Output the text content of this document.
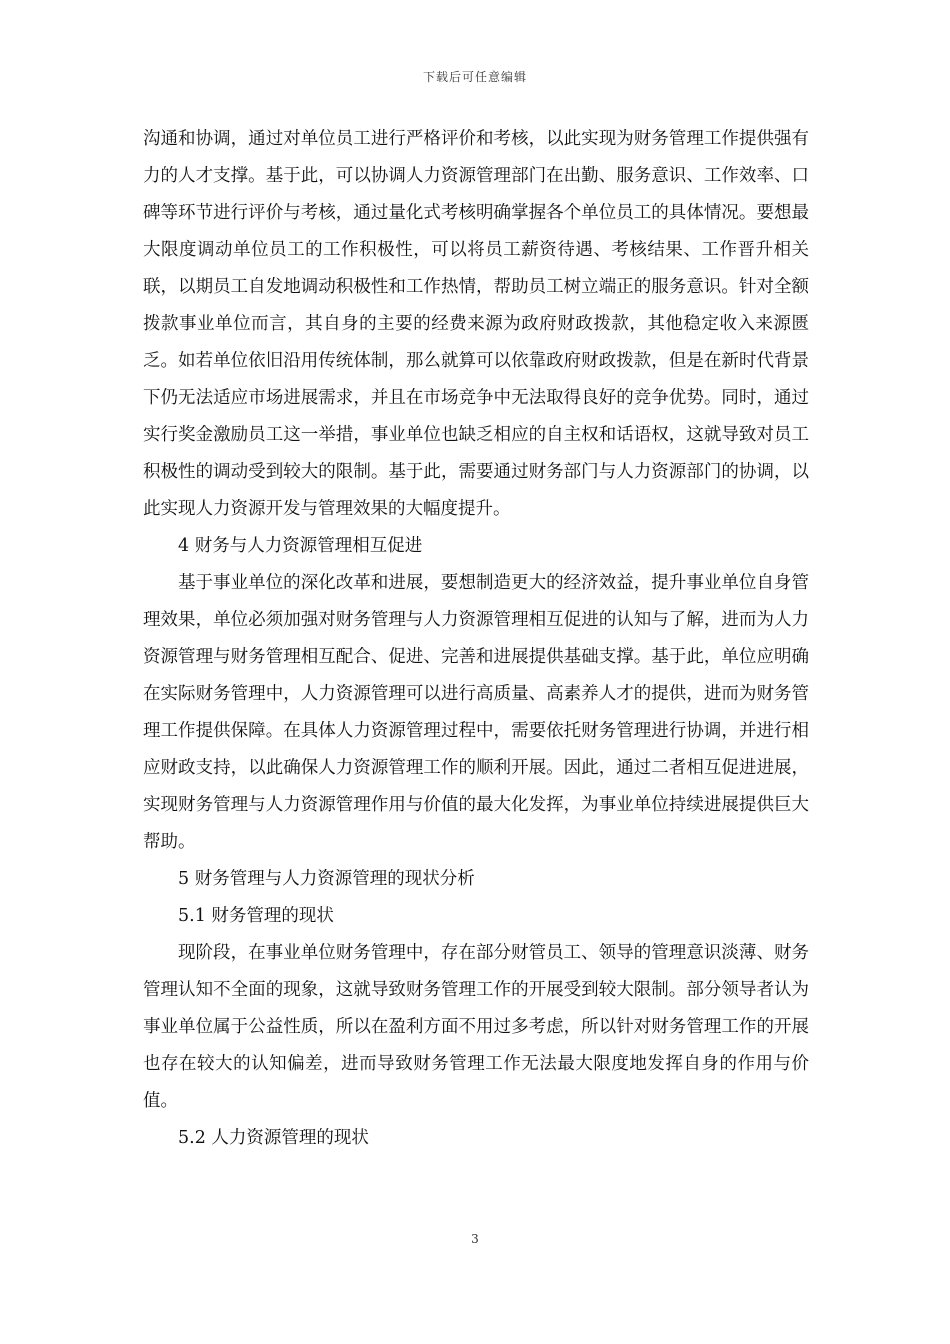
下载后可任意编辑

沟通和协调，通过对单位员工进行严格评价和考核，以此实现为财务管理工作提供强有力的人才支撑。基于此，可以协调人力资源管理部门在出勤、服务意识、工作效率、口碑等环节进行评价与考核，通过量化式考核明确掌握各个单位员工的具体情况。要想最大限度调动单位员工的工作积极性，可以将员工薪资待遇、考核结果、工作晋升相关联，以期员工自发地调动积极性和工作热情，帮助员工树立端正的服务意识。针对全额拨款事业单位而言，其自身的主要的经费来源为政府财政拨款，其他稳定收入来源匮乏。如若单位依旧沿用传统体制，那么就算可以依靠政府财政拨款，但是在新时代背景下仍无法适应市场进展需求，并且在市场竞争中无法取得良好的竞争优势。同时，通过实行奖金激励员工这一举措，事业单位也缺乏相应的自主权和话语权，这就导致对员工积极性的调动受到较大的限制。基于此，需要通过财务部门与人力资源部门的协调，以此实现人力资源开发与管理效果的大幅度提升。

4 财务与人力资源管理相互促进

基于事业单位的深化改革和进展，要想制造更大的经济效益，提升事业单位自身管理效果，单位必须加强对财务管理与人力资源管理相互促进的认知与了解，进而为人力资源管理与财务管理相互配合、促进、完善和进展提供基础支撑。基于此，单位应明确在实际财务管理中，人力资源管理可以进行高质量、高素养人才的提供，进而为财务管理工作提供保障。在具体人力资源管理过程中，需要依托财务管理进行协调，并进行相应财政支持，以此确保人力资源管理工作的顺利开展。因此，通过二者相互促进进展，实现财务管理与人力资源管理作用与价值的最大化发挥，为事业单位持续进展提供巨大帮助。

5 财务管理与人力资源管理的现状分析

5.1 财务管理的现状

现阶段，在事业单位财务管理中，存在部分财管员工、领导的管理意识淡薄、财务管理认知不全面的现象，这就导致财务管理工作的开展受到较大限制。部分领导者认为事业单位属于公益性质，所以在盈利方面不用过多考虑，所以针对财务管理工作的开展也存在较大的认知偏差，进而导致财务管理工作无法最大限度地发挥自身的作用与价值。

5.2 人力资源管理的现状

3
